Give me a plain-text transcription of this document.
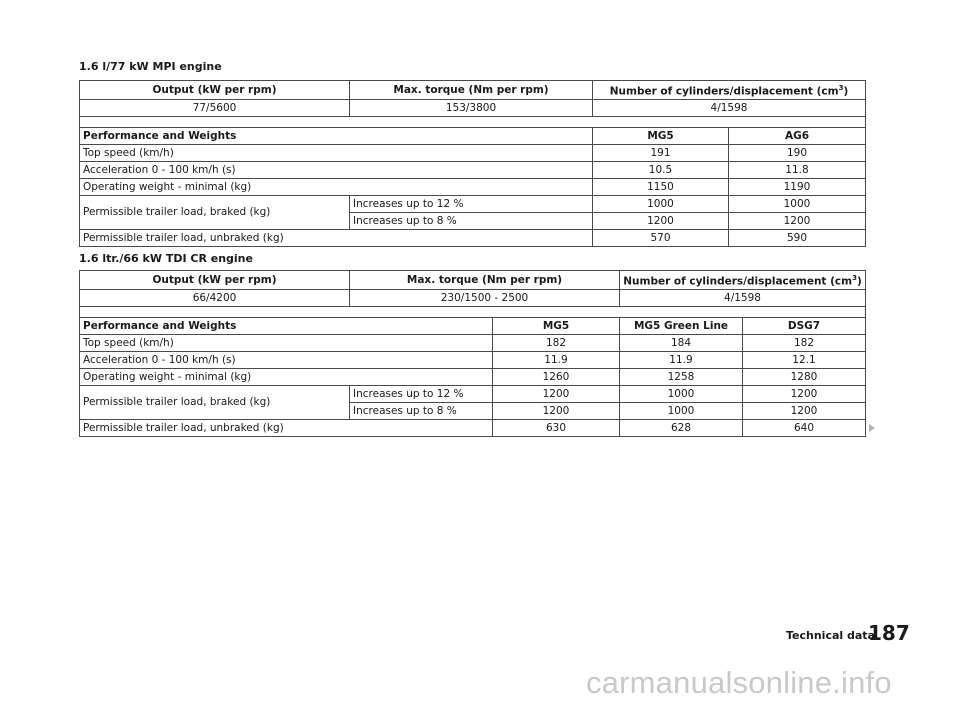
1.6 l/77 kW MPI engine
Output (kW per rpm)	Max. torque (Nm per rpm)	Number of cylinders/displacement $(cm^3)$	
77/5600	153/3800	4/1598	

Performance and Weights		MG5	AG6
Top speed (km/h)		191	190
Acceleration 0 - 100 km/h (s)		10.5	11.8
Operating weight - minimal (kg)		1150	1190
Permissible trailer load, braked (kg)	Increases up to 12 %	1000	1000
	Increases up to 8 %	1200	1200
Permissible trailer load, unbraked (kg)		570	590
1.6 ltr./66 kW TDI CR engine
Output (kW per rpm)	Max. torque (Nm per rpm)		Number of cylinders/displacement $(cm^3)$	
66/4200	230/1500 - 2500		4/1598	

Performance and Weights		MG5	MG5 Green Line	DSG7
Top speed (km/h)		182	184	182
Acceleration 0 - 100 km/h (s)		11.9	11.9	12.1
Operating weight - minimal (kg)		1260	1258	1280
Permissible trailer load, braked (kg)	Increases up to 12 %	1200	1000	1200
	Increases up to 8 %	1200	1000	1200
Permissible trailer load, unbraked (kg)		630	628	640
Technical data
187
carmanualsonline.info
